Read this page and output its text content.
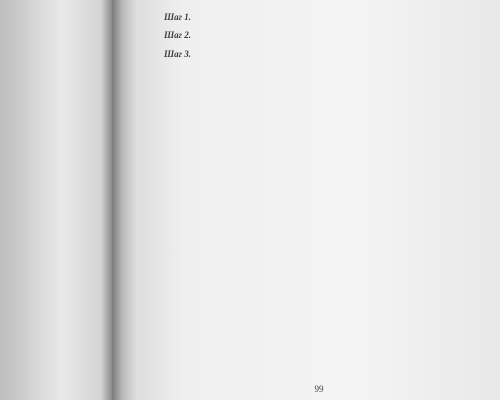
Шаг 1.

Шаг 2.

Шаг 3.

99
